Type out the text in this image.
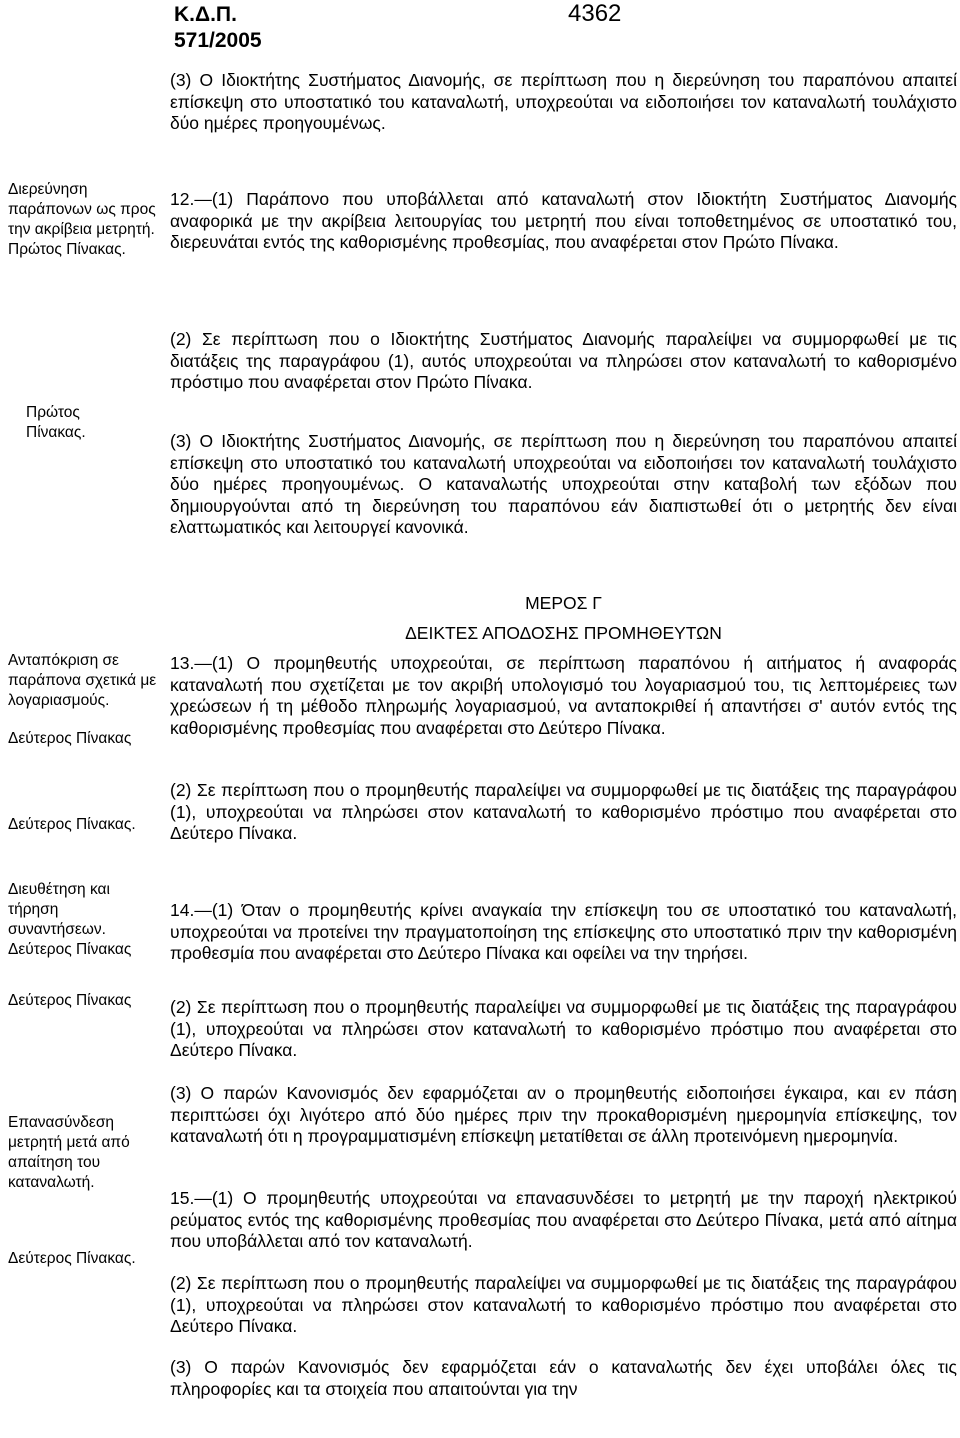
Κ.Δ.Π.
571/2005
4362
Διερεύνηση παράπονων ως προς την ακρίβεια μετρητή. Πρώτος Πίνακας.
Πρώτος Πίνακας.
Ανταπόκριση σε παράπονα σχετικά με λογαριασμούς.
Δεύτερος Πίνακας
Δεύτερος Πίνακας.
Διευθέτηση και τήρηση συναντήσεων. Δεύτερος Πίνακας
Δεύτερος Πίνακας
Επανασύνδεση μετρητή μετά από απαίτηση του καταναλωτή.
Δεύτερος Πίνακας.

(3) Ο Ιδιοκτήτης Συστήματος Διανομής, σε περίπτωση που η διερεύνηση του παραπόνου απαιτεί επίσκεψη στο υποστατικό του καταναλωτή, υποχρεούται να ειδοποιήσει τον καταναλωτή τουλάχιστο δύο ημέρες προηγουμένως.

12.—(1) Παράπονο που υποβάλλεται από καταναλωτή στον Ιδιοκτήτη Συστήματος Διανομής αναφορικά με την ακρίβεια λειτουργίας του μετρητή που είναι τοποθετημένος σε υποστατικό του, διερευνάται εντός της καθορισμένης προθεσμίας, που αναφέρεται στον Πρώτο Πίνακα.

(2) Σε περίπτωση που ο Ιδιοκτήτης Συστήματος Διανομής παραλείψει να συμμορφωθεί με τις διατάξεις της παραγράφου (1), αυτός υποχρεούται να πληρώσει στον καταναλωτή το καθορισμένο πρόστιμο που αναφέρεται στον Πρώτο Πίνακα.

(3) Ο Ιδιοκτήτης Συστήματος Διανομής, σε περίπτωση που η διερεύνηση του παραπόνου απαιτεί επίσκεψη στο υποστατικό του καταναλωτή υποχρεούται να ειδοποιήσει τον καταναλωτή τουλάχιστο δύο ημέρες προηγουμένως. Ο καταναλωτής υποχρεούται στην καταβολή των εξόδων που δημιουργούνται από τη διερεύνηση του παραπόνου εάν διαπιστωθεί ότι ο μετρητής δεν είναι ελαττωματικός και λειτουργεί κανονικά.

ΜΕΡΟΣ Γ
ΔΕΙΚΤΕΣ ΑΠΟΔΟΣΗΣ ΠΡΟΜΗΘΕΥΤΩΝ

13.—(1) Ο προμηθευτής υποχρεούται, σε περίπτωση παραπόνου ή αιτήματος ή αναφοράς καταναλωτή που σχετίζεται με τον ακριβή υπολογισμό του λογαριασμού του, τις λεπτομέρειες των χρεώσεων ή τη μέθοδο πληρωμής λογαριασμού, να ανταποκριθεί ή απαντήσει σ' αυτόν εντός της καθορισμένης προθεσμίας που αναφέρεται στο Δεύτερο Πίνακα.

(2) Σε περίπτωση που ο προμηθευτής παραλείψει να συμμορφωθεί με τις διατάξεις της παραγράφου (1), υποχρεούται να πληρώσει στον καταναλωτή το καθορισμένο πρόστιμο που αναφέρεται στο Δεύτερο Πίνακα.

14.—(1) Όταν ο προμηθευτής κρίνει αναγκαία την επίσκεψη του σε υποστατικό του καταναλωτή, υποχρεούται να προτείνει την πραγματοποίηση της επίσκεψης στο υποστατικό πριν την καθορισμένη προθεσμία που αναφέρεται στο Δεύτερο Πίνακα και οφείλει να την τηρήσει.

(2) Σε περίπτωση που ο προμηθευτής παραλείψει να συμμορφωθεί με τις διατάξεις της παραγράφου (1), υποχρεούται να πληρώσει στον καταναλωτή το καθορισμένο πρόστιμο που αναφέρεται στο Δεύτερο Πίνακα.

(3) Ο παρών Κανονισμός δεν εφαρμόζεται αν ο προμηθευτής ειδοποιήσει έγκαιρα, και εν πάση περιπτώσει όχι λιγότερο από δύο ημέρες πριν την προκαθορισμένη ημερομηνία επίσκεψης, τον καταναλωτή ότι η προγραμματισμένη επίσκεψη μετατίθεται σε άλλη προτεινόμενη ημερομηνία.

15.—(1) Ο προμηθευτής υποχρεούται να επανασυνδέσει το μετρητή με την παροχή ηλεκτρικού ρεύματος εντός της καθορισμένης προθεσμίας που αναφέρεται στο Δεύτερο Πίνακα, μετά από αίτημα που υποβάλλεται από τον καταναλωτή.

(2) Σε περίπτωση που ο προμηθευτής παραλείψει να συμμορφωθεί με τις διατάξεις της παραγράφου (1), υποχρεούται να πληρώσει στον καταναλωτή το καθορισμένο πρόστιμο που αναφέρεται στο Δεύτερο Πίνακα.

(3) Ο παρών Κανονισμός δεν εφαρμόζεται εάν ο καταναλωτής δεν έχει υποβάλει όλες τις πληροφορίες και τα στοιχεία που απαιτούνται για την
